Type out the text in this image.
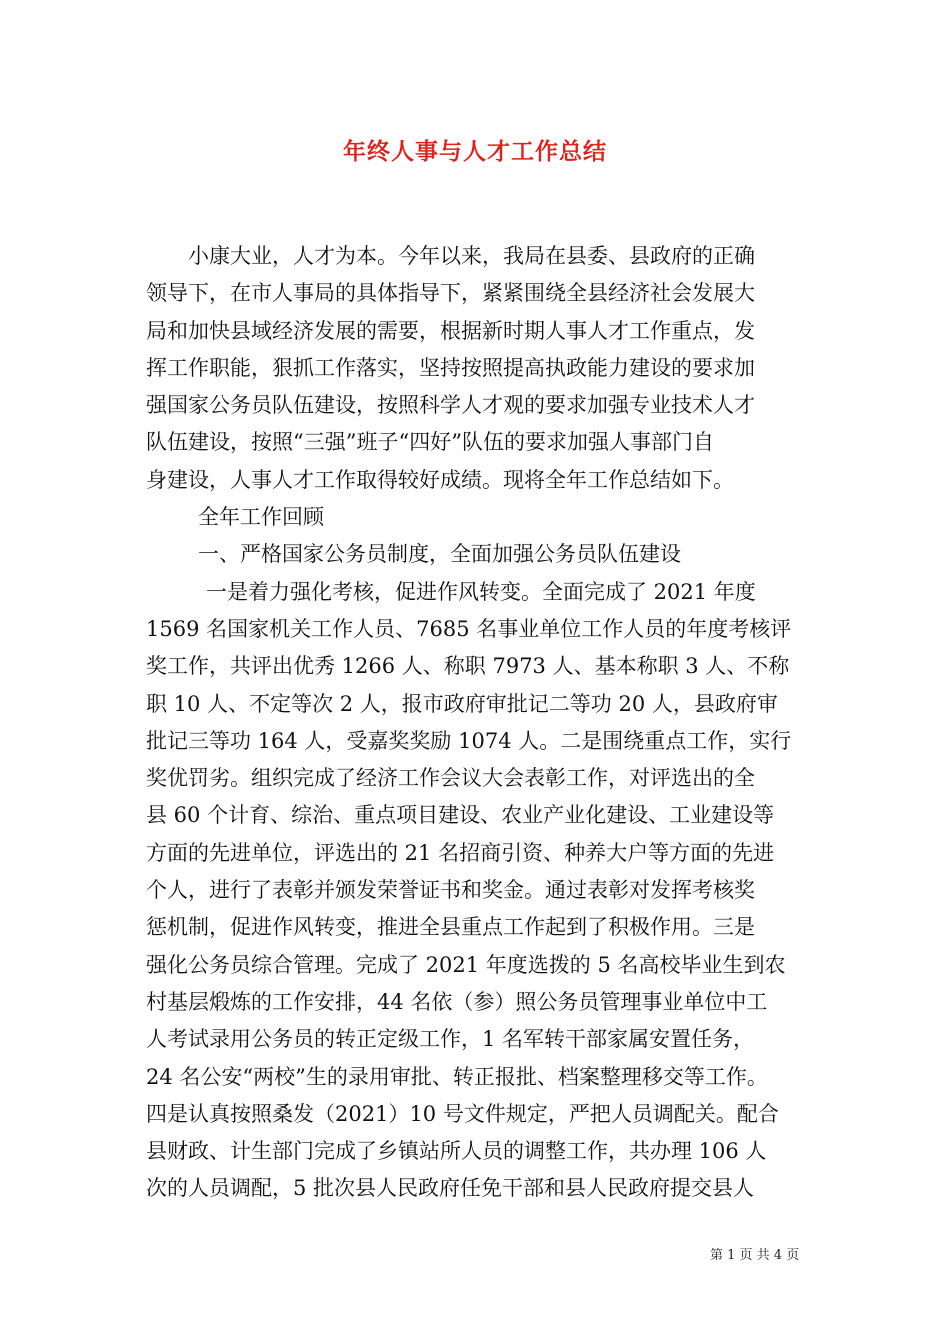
年终人事与人才工作总结
小康大业，人才为本。今年以来，我局在县委、县政府的正确
领导下，在市人事局的具体指导下，紧紧围绕全县经济社会发展大
局和加快县域经济发展的需要，根据新时期人事人才工作重点，发
挥工作职能，狠抓工作落实，坚持按照提高执政能力建设的要求加
强国家公务员队伍建设，按照科学人才观的要求加强专业技术人才
队伍建设，按照“三强”班子“四好”队伍的要求加强人事部门自
身建设，人事人才工作取得较好成绩。现将全年工作总结如下。
全年工作回顾
一、严格国家公务员制度，全面加强公务员队伍建设
一是着力强化考核，促进作风转变。全面完成了 2021 年度
1569 名国家机关工作人员、7685 名事业单位工作人员的年度考核评
奖工作，共评出优秀 1266 人、称职 7973 人、基本称职 3 人、不称
职 10 人、不定等次 2 人，报市政府审批记二等功 20 人，县政府审
批记三等功 164 人，受嘉奖奖励 1074 人。二是围绕重点工作，实行
奖优罚劣。组织完成了经济工作会议大会表彰工作，对评选出的全
县 60 个计育、综治、重点项目建设、农业产业化建设、工业建设等
方面的先进单位，评选出的 21 名招商引资、种养大户等方面的先进
个人，进行了表彰并颁发荣誉证书和奖金。通过表彰对发挥考核奖
惩机制，促进作风转变，推进全县重点工作起到了积极作用。三是
强化公务员综合管理。完成了 2021 年度选拨的 5 名高校毕业生到农
村基层煅炼的工作安排，44 名依（参）照公务员管理事业单位中工
人考试录用公务员的转正定级工作，1 名军转干部家属安置任务，
24 名公安“两校”生的录用审批、转正报批、档案整理移交等工作。
四是认真按照桑发（2021）10 号文件规定，严把人员调配关。配合
县财政、计生部门完成了乡镇站所人员的调整工作，共办理 106 人
次的人员调配，5 批次县人民政府任免干部和县人民政府提交县人
第 1 页 共 4 页
